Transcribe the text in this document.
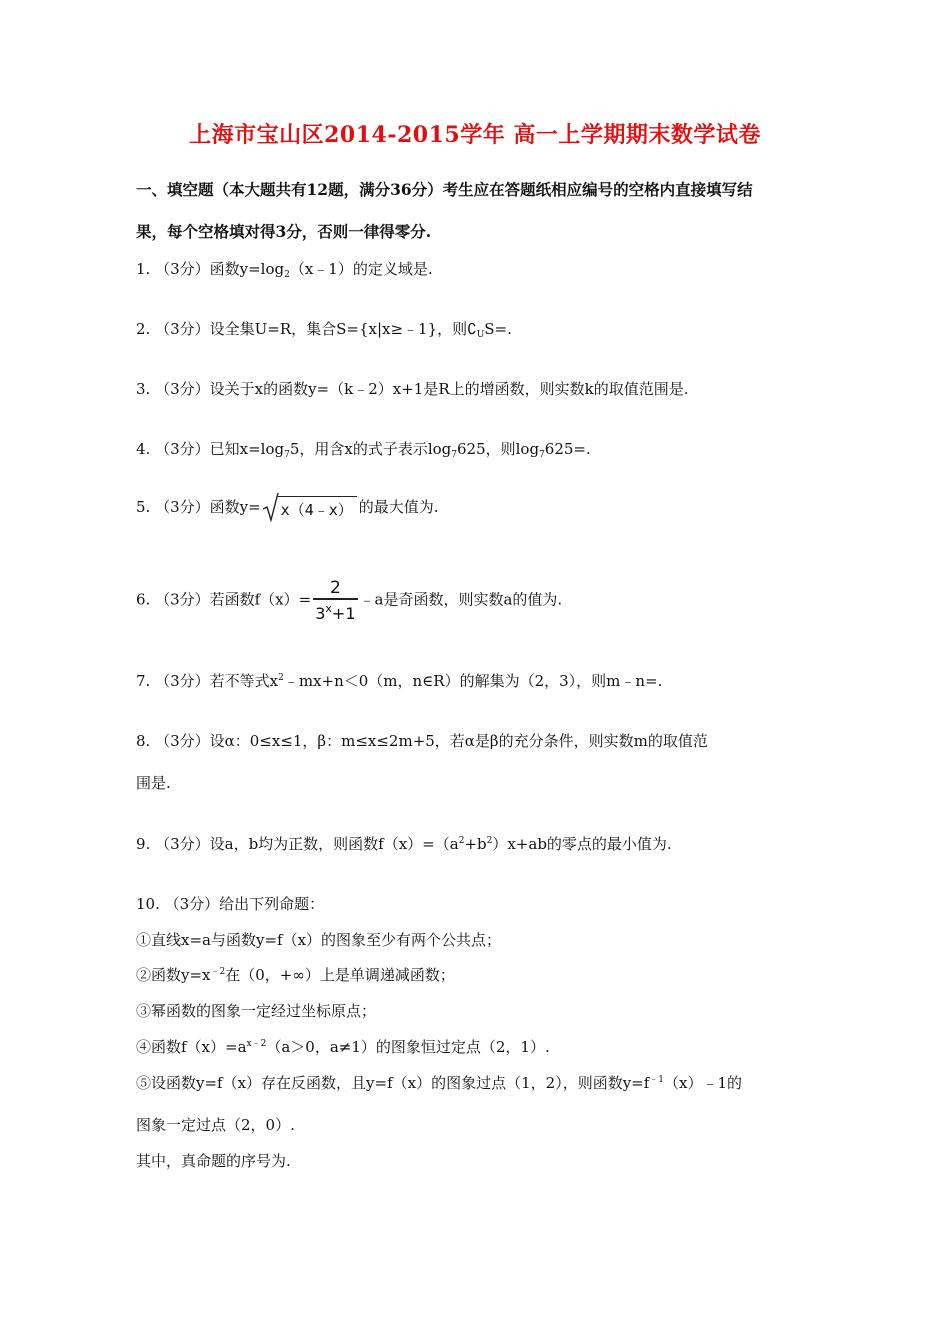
上海市宝山区2014-2015学年 高一上学期期末数学试卷
一、填空题（本大题共有12题，满分36分）考生应在答题纸相应编号的空格内直接填写结
果，每个空格填对得3分，否则一律得零分.
1. （3分）函数$y=\log_2(x﹣1)$的定义域是.
2. （3分）设全集U=R，集合S={x|x≥﹣1}，则$∁_US=$.
3. （3分）设关于x的函数y=（k﹣2）x+1是R上的增函数，则实数k的取值范围是.
4. （3分）已知$x=\log_75$，用含x的式子表示$\log_7625$，则$\log_7625=$.
5. （3分）函数y= x（4﹣x） 的最大值为.
6. （3分）若函数$f(x)= \frac{2}{3^x+1}$ ﹣a是奇函数，则实数a的值为.
7. （3分）若不等式$x^2﹣mx+n<0(m$，n∈R）的解集为（2，3），则m﹣n=.
8. （3分）设α：0≤x≤1，β：m≤x≤2m+5，若α是β的充分条件，则实数m的取值范
围是.
9. （3分）设a，b均为正数，则函数$f(x)=(a^2+b^2)x+ab$的零点的最小值为.
10. （3分）给出下列命题：
①直线x=a与函数y=f（x）的图象至少有两个公共点；
②函数$y=x^{﹣2}$在（0，+∞）上是单调递减函数；
③幂函数的图象一定经过坐标原点；
④函数$f(x)=a^{x﹣2}(a>0$，a≠1）的图象恒过定点（2，1）.
⑤设函数y=f（x）存在反函数，且y=f（x）的图象过点（1，2），则函数$y=f^{﹣1}(x)﹣1$的
图象一定过点（2，0）.
其中，真命题的序号为.
